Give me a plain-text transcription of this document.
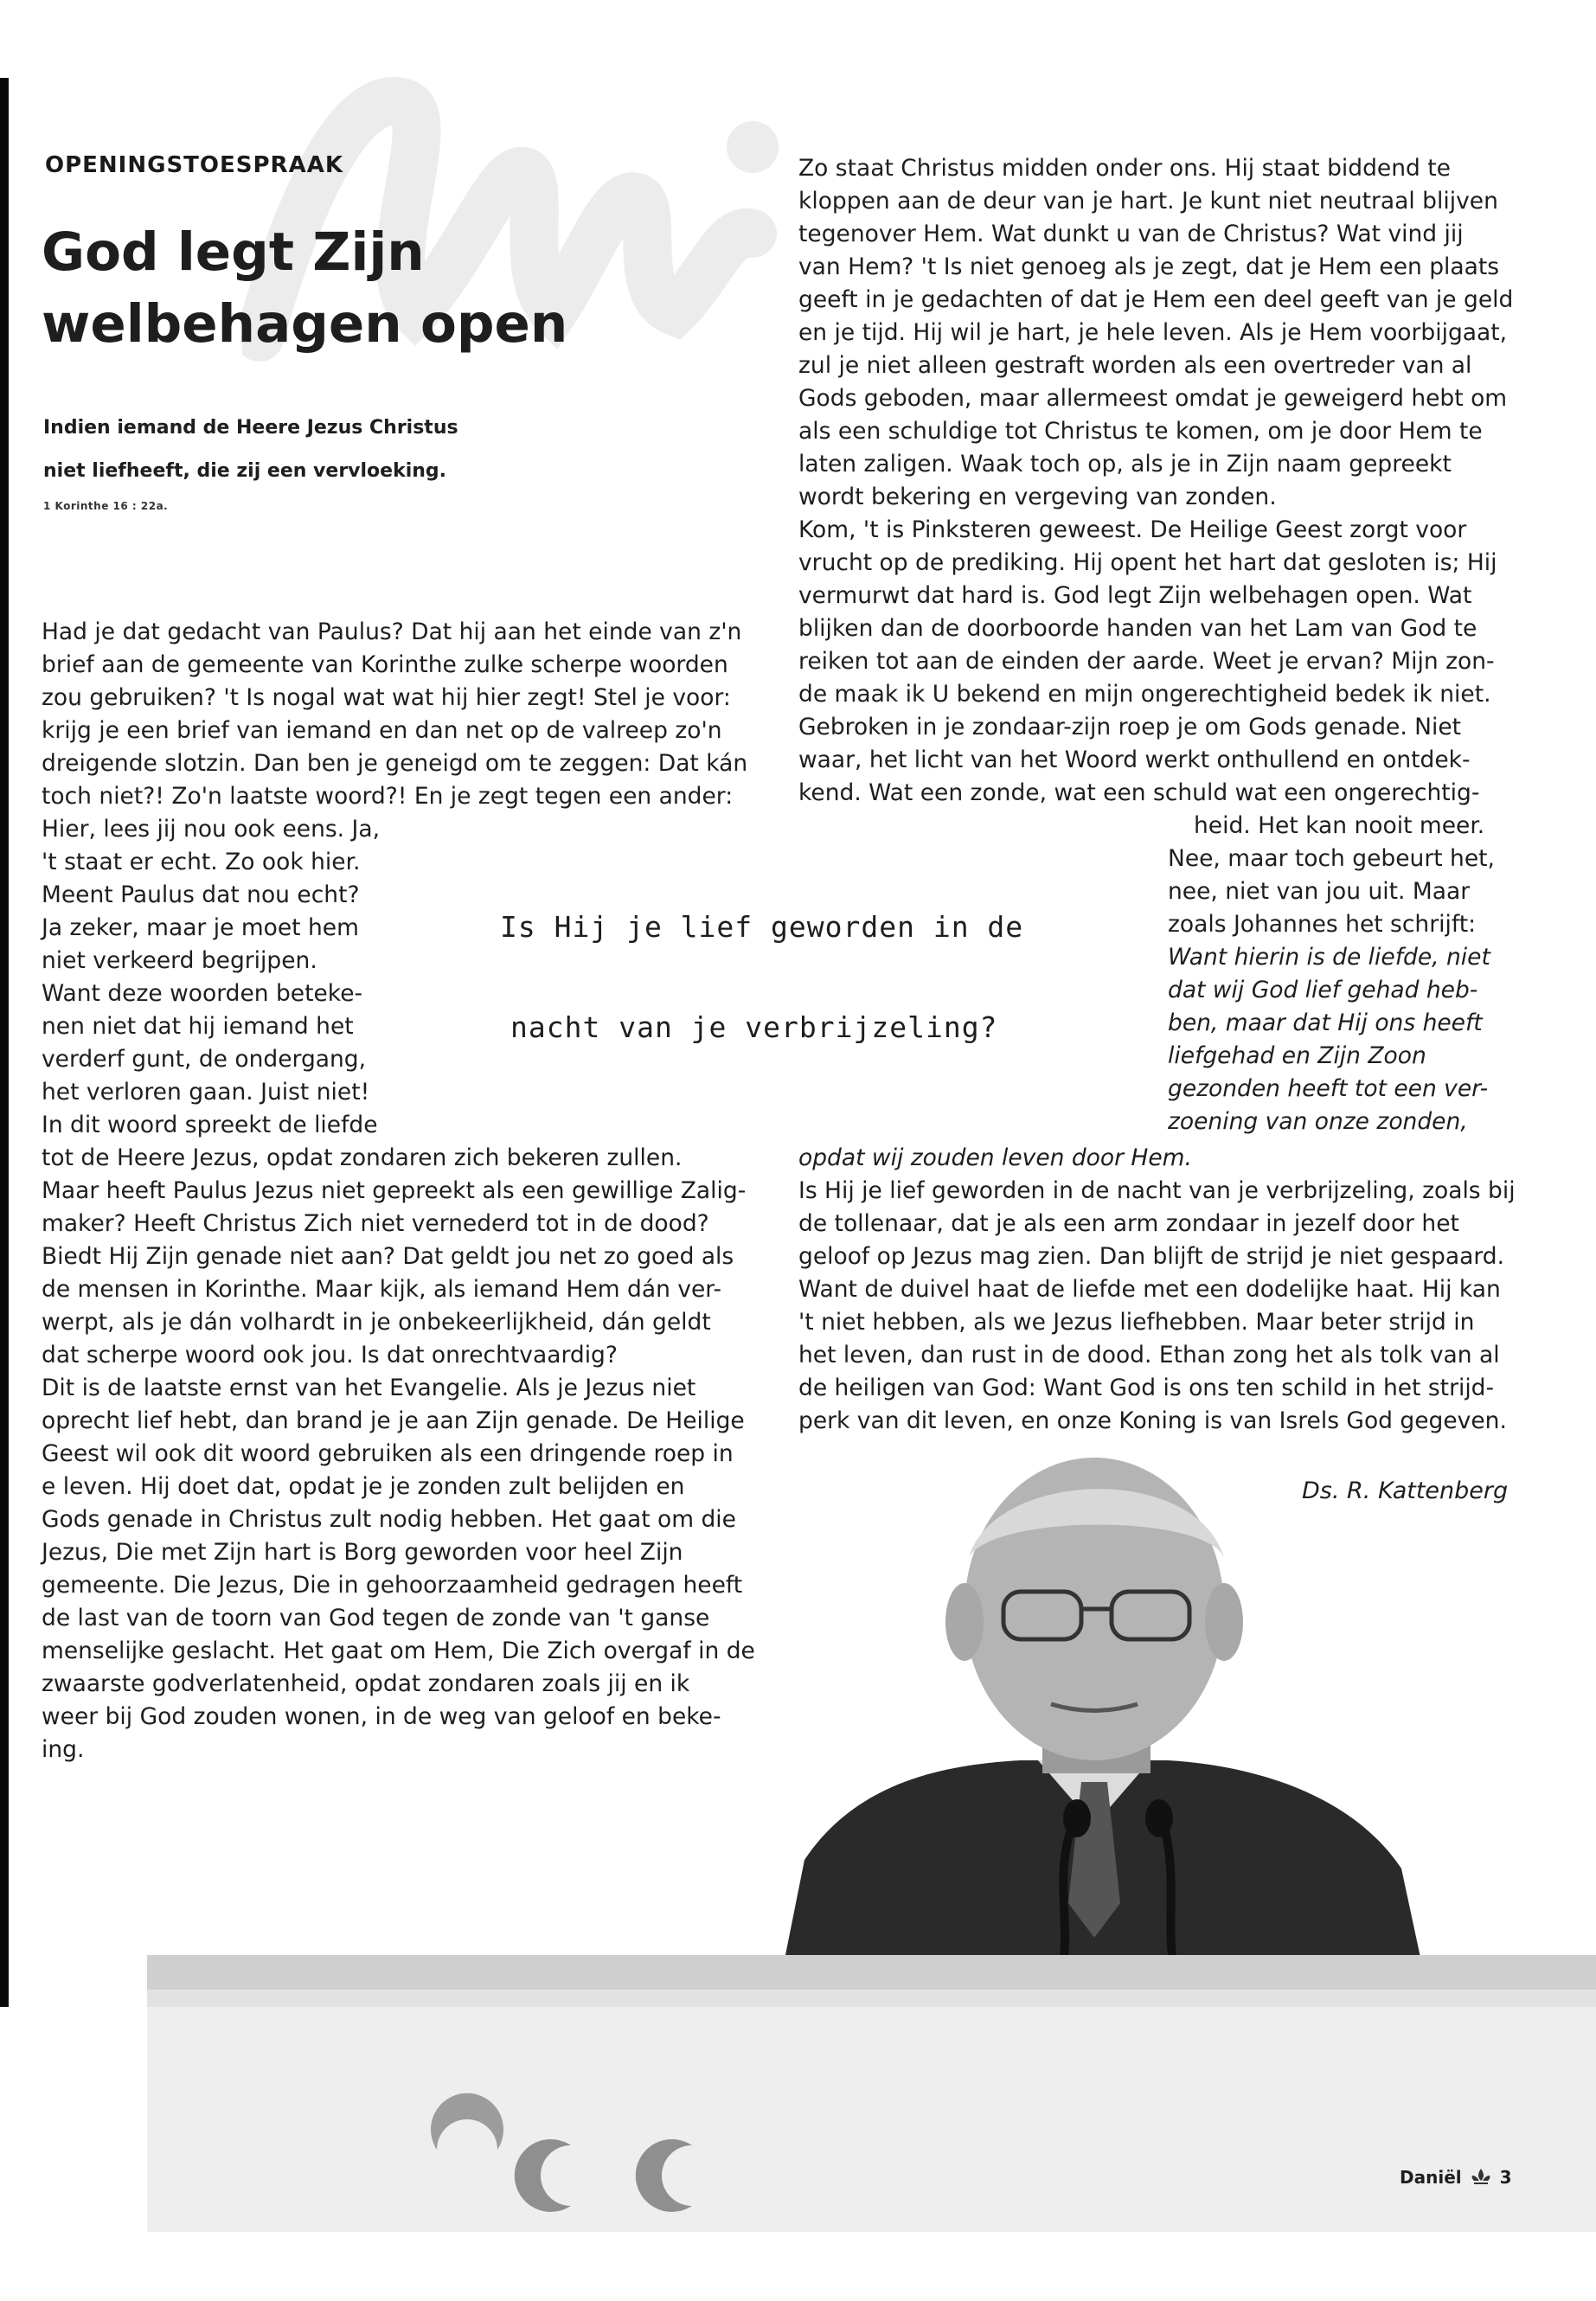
OPENINGSTOESPRAAK
God legt Zijn
welbehagen open
Indien iemand de Heere Jezus Christus
niet liefheeft, die zij een vervloeking.
1 Korinthe 16 : 22a.

Had je dat gedacht van Paulus? Dat hij aan het einde van z'n

brief aan de gemeente van Korinthe zulke scherpe woorden

zou gebruiken? 't Is nogal wat wat hij hier zegt! Stel je voor:

krijg je een brief van iemand en dan net op de valreep zo'n

dreigende slotzin. Dan ben je geneigd om te zeggen: Dat kán

toch niet?! Zo'n laatste woord?! En je zegt tegen een ander:

Hier, lees jij nou ook eens. Ja,

't staat er echt. Zo ook hier.

Meent Paulus dat nou echt?

Ja zeker, maar je moet hem

niet verkeerd begrijpen.

Want deze woorden beteke-

nen niet dat hij iemand het

verderf gunt, de ondergang,

het verloren gaan. Juist niet!

In dit woord spreekt de liefde

tot de Heere Jezus, opdat zondaren zich bekeren zullen.

Maar heeft Paulus Jezus niet gepreekt als een gewillige Zalig-

maker? Heeft Christus Zich niet vernederd tot in de dood?

Biedt Hij Zijn genade niet aan? Dat geldt jou net zo goed als

de mensen in Korinthe. Maar kijk, als iemand Hem dán ver-

werpt, als je dán volhardt in je onbekeerlijkheid, dán geldt

dat scherpe woord ook jou. Is dat onrechtvaardig?

Dit is de laatste ernst van het Evangelie. Als je Jezus niet

oprecht lief hebt, dan brand je je aan Zijn genade. De Heilige

Geest wil ook dit woord gebruiken als een dringende roep in

e leven. Hij doet dat, opdat je je zonden zult belijden en

Gods genade in Christus zult nodig hebben. Het gaat om die

Jezus, Die met Zijn hart is Borg geworden voor heel Zijn

gemeente. Die Jezus, Die in gehoorzaamheid gedragen heeft

de last van de toorn van God tegen de zonde van 't ganse

menselijke geslacht. Het gaat om Hem, Die Zich overgaf in de

zwaarste godverlatenheid, opdat zondaren zoals jij en ik

weer bij God zouden wonen, in de weg van geloof en beke-

ing.

Zo staat Christus midden onder ons. Hij staat biddend te

kloppen aan de deur van je hart. Je kunt niet neutraal blijven

tegenover Hem. Wat dunkt u van de Christus? Wat vind jij

van Hem? 't Is niet genoeg als je zegt, dat je Hem een plaats

geeft in je gedachten of dat je Hem een deel geeft van je geld

en je tijd. Hij wil je hart, je hele leven. Als je Hem voorbijgaat,

zul je niet alleen gestraft worden als een overtreder van al

Gods geboden, maar allermeest omdat je geweigerd hebt om

als een schuldige tot Christus te komen, om je door Hem te

laten zaligen. Waak toch op, als je in Zijn naam gepreekt

wordt bekering en vergeving van zonden.

Kom, 't is Pinksteren geweest. De Heilige Geest zorgt voor

vrucht op de prediking. Hij opent het hart dat gesloten is; Hij

vermurwt dat hard is. God legt Zijn welbehagen open. Wat

blijken dan de doorboorde handen van het Lam van God te

reiken tot aan de einden der aarde. Weet je ervan? Mijn zon-

de maak ik U bekend en mijn ongerechtigheid bedek ik niet.

Gebroken in je zondaar-zijn roep je om Gods genade. Niet

waar, het licht van het Woord werkt onthullend en ontdek-

kend. Wat een zonde, wat een schuld wat een ongerechtig-

heid. Het kan nooit meer.

Nee, maar toch gebeurt het,

nee, niet van jou uit. Maar

zoals Johannes het schrijft:

Want hierin is de liefde, niet

dat wij God lief gehad heb-

ben, maar dat Hij ons heeft

liefgehad en Zijn Zoon

gezonden heeft tot een ver-

zoening van onze zonden,

opdat wij zouden leven door Hem.

Is Hij je lief geworden in de nacht van je verbrijzeling, zoals bij

de tollenaar, dat je als een arm zondaar in jezelf door het

geloof op Jezus mag zien. Dan blijft de strijd je niet gespaard.

Want de duivel haat de liefde met een dodelijke haat. Hij kan

't niet hebben, als we Jezus liefhebben. Maar beter strijd in

het leven, dan rust in de dood. Ethan zong het als tolk van al

de heiligen van God: Want God is ons ten schild in het strijd-

perk van dit leven, en onze Koning is van Isrels God gegeven.

Is Hij je lief geworden in de
nacht van je verbrijzeling?
Ds. R. Kattenberg
Daniël 3
